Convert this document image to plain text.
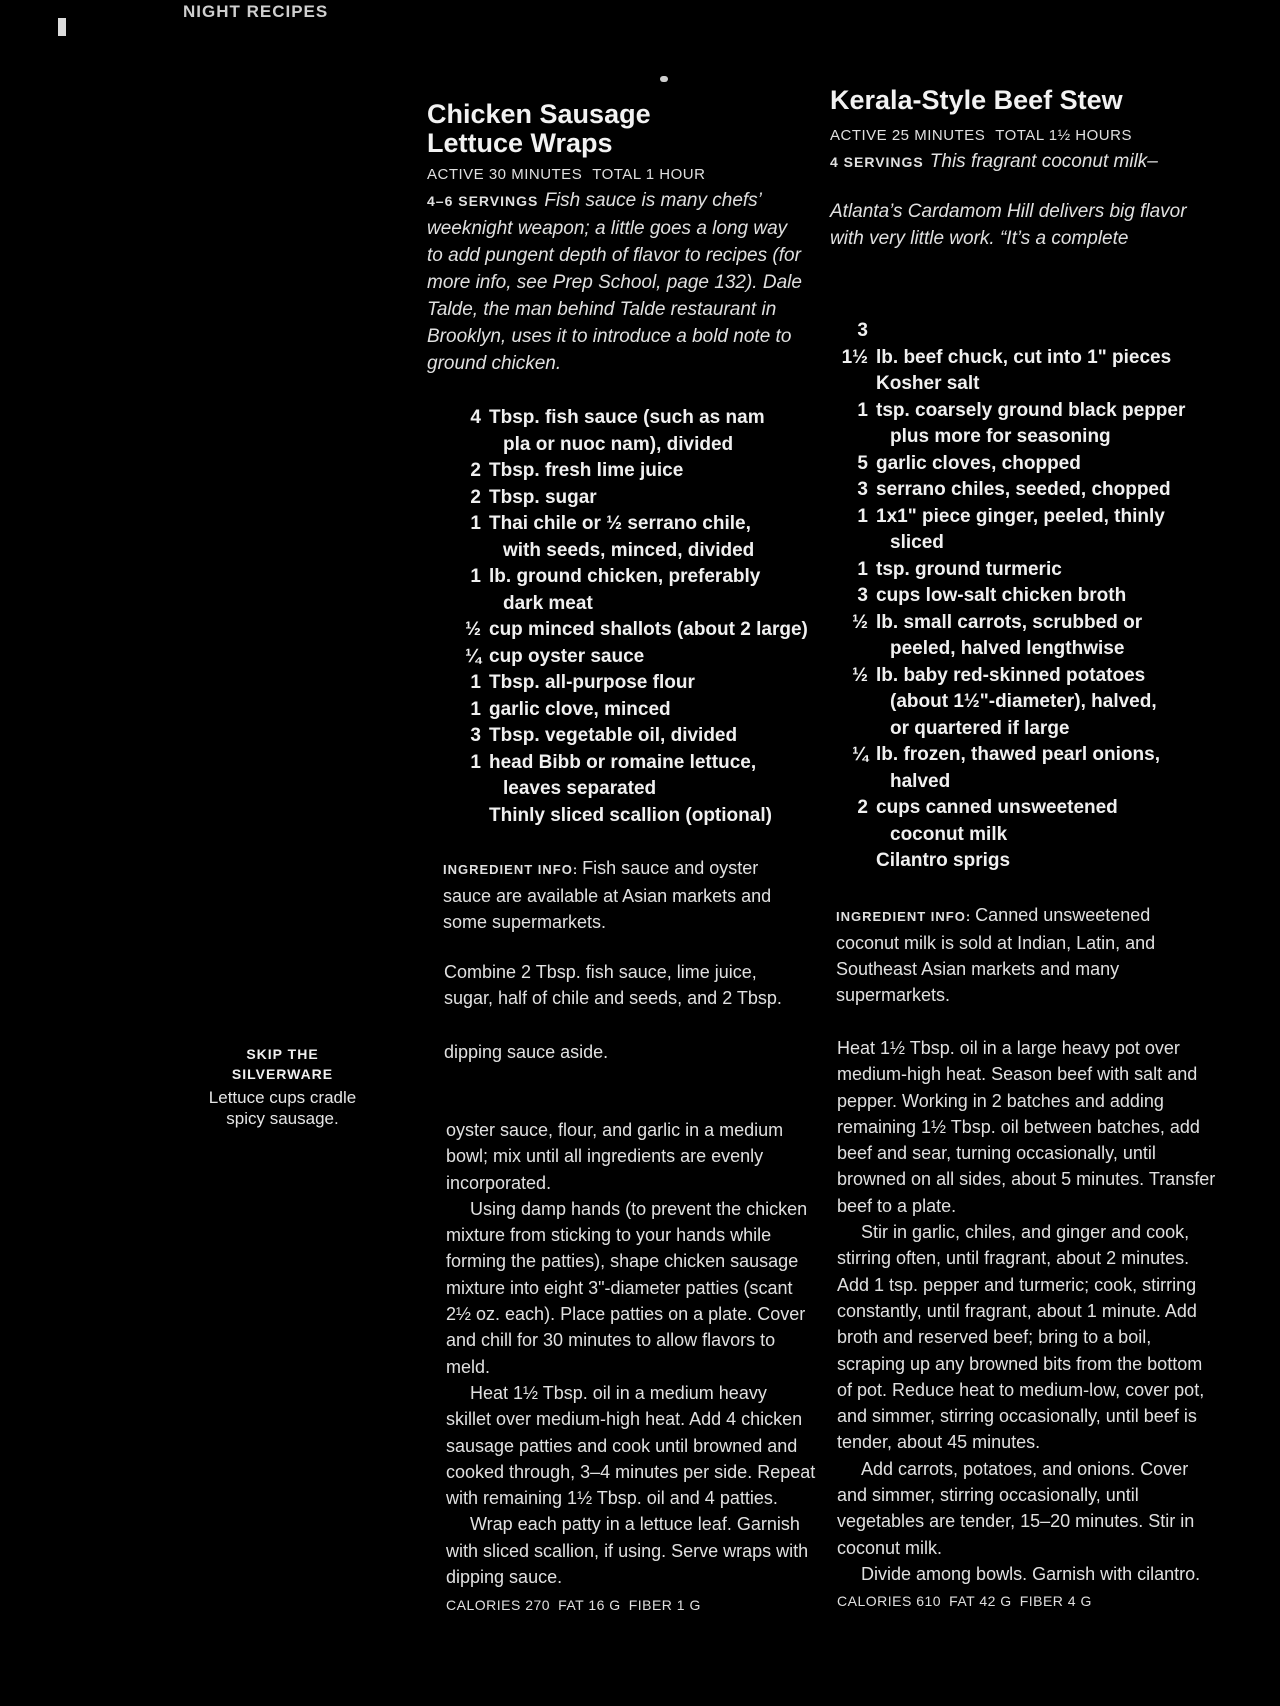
NIGHT RECIPES
SKIP THE
SILVERWARE
Lettuce cups cradle spicy sausage.
Chicken Sausage
Lettuce Wraps
ACTIVE 30 MINUTES TOTAL 1 HOUR
4–6 SERVINGS Fish sauce is many chefs’ weeknight weapon; a little goes a long way to add pungent depth of flavor to recipes (for more info, see Prep School, page 132). Dale Talde, the man behind Talde restaurant in Brooklyn, uses it to introduce a bold note to ground chicken.
4 Tbsp. fish sauce (such as nam
pla or nuoc nam), divided
2 Tbsp. fresh lime juice
2 Tbsp. sugar
1 Thai chile or ½ serrano chile,
with seeds, minced, divided
1 lb. ground chicken, preferably
dark meat
½ cup minced shallots (about 2 large)
¼ cup oyster sauce
1 Tbsp. all-purpose flour
1 garlic clove, minced
3 Tbsp. vegetable oil, divided
1 head Bibb or romaine lettuce,
leaves separated
Thinly sliced scallion (optional)
INGREDIENT INFO: Fish sauce and oyster sauce are available at Asian markets and some supermarkets.

Combine 2 Tbsp. fish sauce, lime juice, sugar, half of chile and seeds, and 2 Tbsp.

dipping sauce aside.

oyster sauce, flour, and garlic in a medium bowl; mix until all ingredients are evenly incorporated.

Using damp hands (to prevent the chicken mixture from sticking to your hands while forming the patties), shape chicken sausage mixture into eight 3"-diameter patties (scant 2½ oz. each). Place patties on a plate. Cover and chill for 30 minutes to allow flavors to meld.

Heat 1½ Tbsp. oil in a medium heavy skillet over medium-high heat. Add 4 chicken sausage patties and cook until browned and cooked through, 3–4 minutes per side. Repeat with remaining 1½ Tbsp. oil and 4 patties.

Wrap each patty in a lettuce leaf. Garnish with sliced scallion, if using. Serve wraps with dipping sauce.

CALORIES 270 FAT 16 G FIBER 1 G
Kerala-Style Beef Stew
ACTIVE 25 MINUTES TOTAL 1½ HOURS
4 SERVINGS This fragrant coconut milk–
Atlanta’s Cardamom Hill delivers big flavor with very little work. “It’s a complete
3

1½ lb. beef chuck, cut into 1" pieces
Kosher salt
1 tsp. coarsely ground black pepper
plus more for seasoning
5 garlic cloves, chopped
3 serrano chiles, seeded, chopped
1 1x1" piece ginger, peeled, thinly
sliced
1 tsp. ground turmeric
3 cups low-salt chicken broth
½ lb. small carrots, scrubbed or
peeled, halved lengthwise
½ lb. baby red-skinned potatoes
(about 1½"-diameter), halved,
or quartered if large
¼ lb. frozen, thawed pearl onions,
halved
2 cups canned unsweetened
coconut milk
Cilantro sprigs
INGREDIENT INFO: Canned unsweetened coconut milk is sold at Indian, Latin, and Southeast Asian markets and many supermarkets.

Heat 1½ Tbsp. oil in a large heavy pot over medium-high heat. Season beef with salt and pepper. Working in 2 batches and adding remaining 1½ Tbsp. oil between batches, add beef and sear, turning occasionally, until browned on all sides, about 5 minutes. Transfer beef to a plate.

Stir in garlic, chiles, and ginger and cook, stirring often, until fragrant, about 2 minutes. Add 1 tsp. pepper and turmeric; cook, stirring constantly, until fragrant, about 1 minute. Add broth and reserved beef; bring to a boil, scraping up any browned bits from the bottom of pot. Reduce heat to medium-low, cover pot, and simmer, stirring occasionally, until beef is tender, about 45 minutes.

Add carrots, potatoes, and onions. Cover and simmer, stirring occasionally, until vegetables are tender, 15–20 minutes. Stir in coconut milk.

Divide among bowls. Garnish with cilantro. CALORIES 610 FAT 42 G FIBER 4 G
